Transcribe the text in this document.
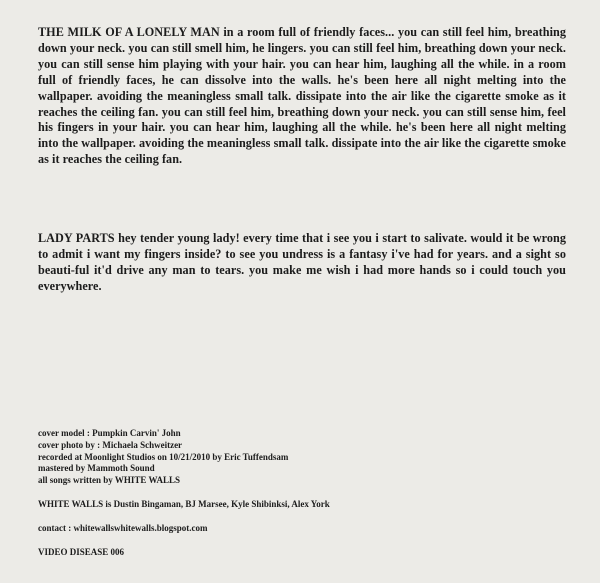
THE MILK OF A LONELY MAN in a room full of friendly faces... you can still feel him, breathing down your neck. you can still smell him, he lingers. you can still feel him, breathing down your neck. you can still sense him playing with your hair. you can hear him, laughing all the while. in a room full of friendly faces, he can dissolve into the walls. he's been here all night melting into the wallpaper. avoiding the meaningless small talk. dissipate into the air like the cigarette smoke as it reaches the ceiling fan. you can still feel him, breathing down your neck. you can still sense him, feel his fingers in your hair. you can hear him, laughing all the while. he's been here all night melting into the wallpaper. avoiding the meaningless small talk. dissipate into the air like the cigarette smoke as it reaches the ceiling fan.

LADY PARTS hey tender young lady! every time that i see you i start to salivate. would it be wrong to admit i want my fingers inside? to see you undress is a fantasy i've had for years. and a sight so beauti-ful it'd drive any man to tears. you make me wish i had more hands so i could touch you everywhere.

cover model : Pumpkin Carvin' John
cover photo by : Michaela Schweitzer
recorded at Moonlight Studios on 10/21/2010 by Eric Tuffendsam
mastered by Mammoth Sound
all songs written by WHITE WALLS
WHITE WALLS is Dustin Bingaman, BJ Marsee, Kyle Shibinksi, Alex York
contact : whitewallswhitewalls.blogspot.com
VIDEO DISEASE 006
